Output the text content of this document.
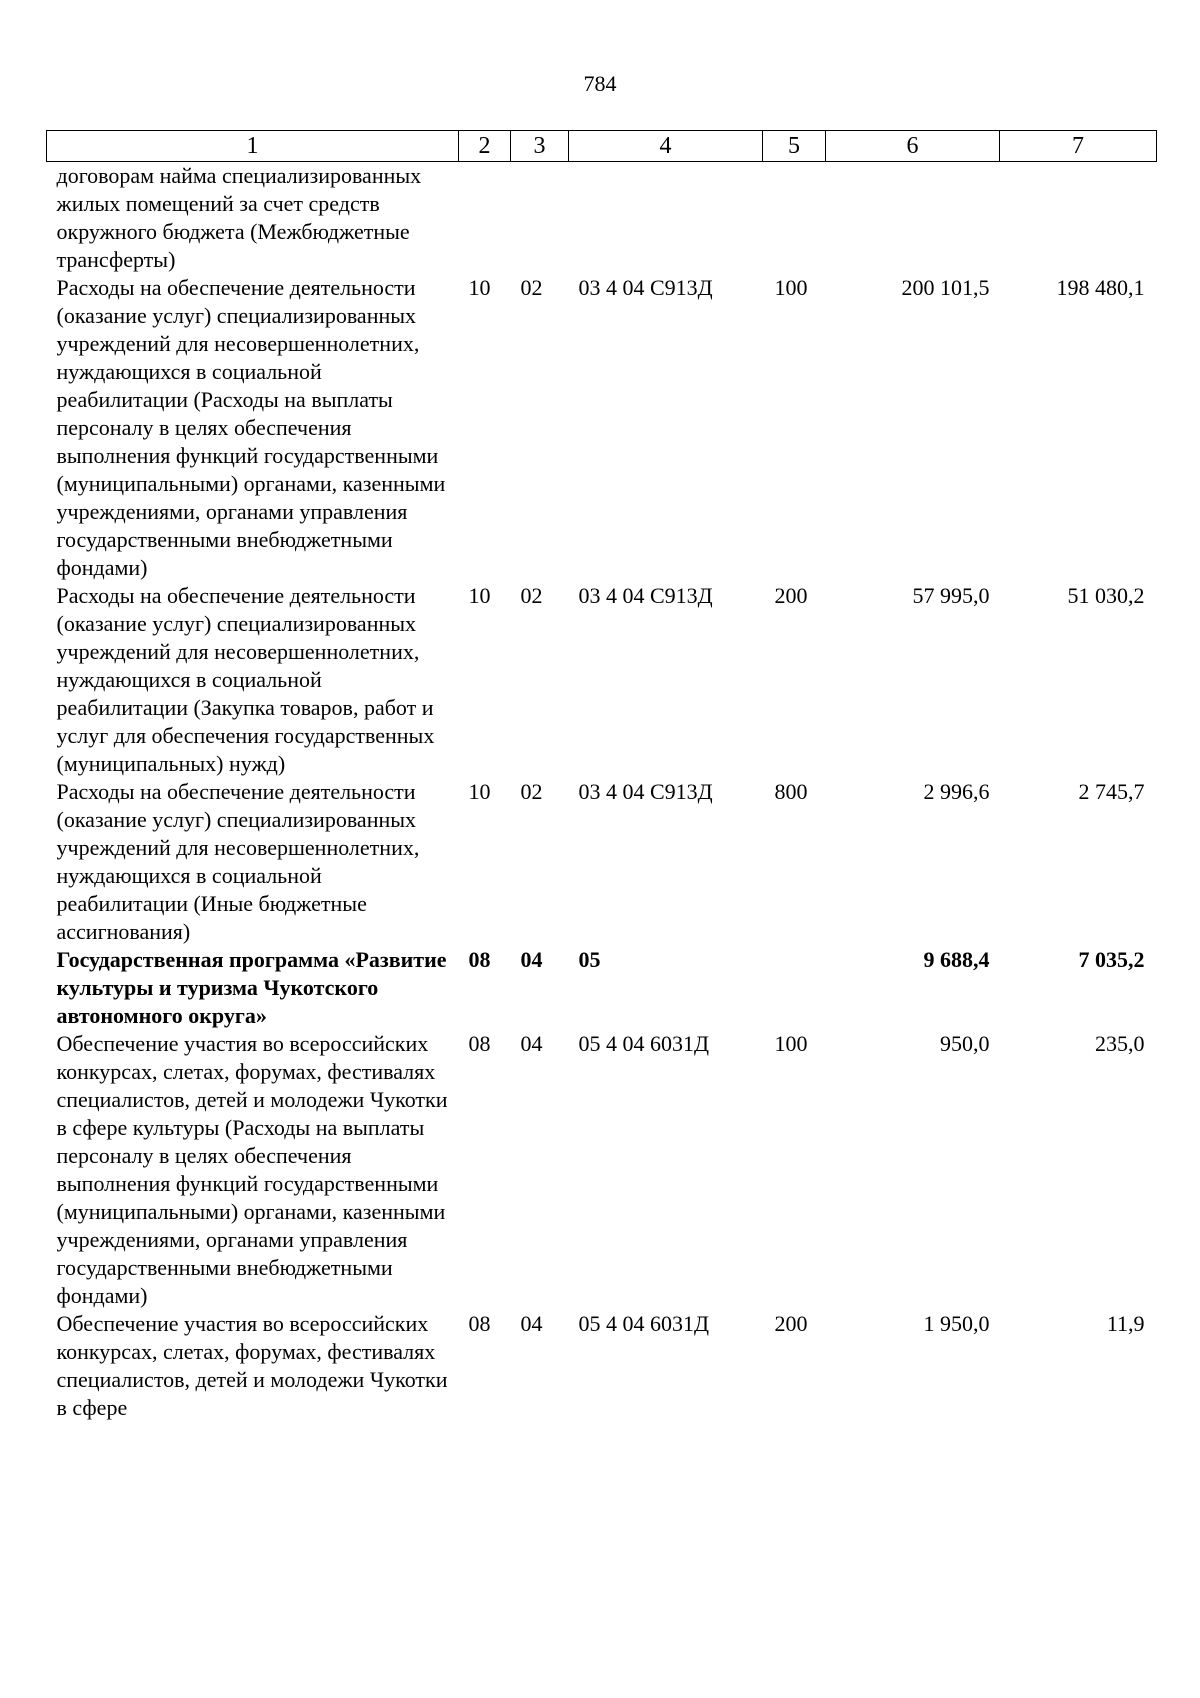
784
1	2	3	4	5	6	7
договорам найма специализированных жилых помещений за счет средств окружного бюджета (Межбюджетные трансферты)						
Расходы на обеспечение деятельности (оказание услуг) специализированных учреждений для несовершеннолетних, нуждающихся в социальной реабилитации (Расходы на выплаты персоналу в целях обеспечения выполнения функций государственными (муниципальными) органами, казенными учреждениями, органами управления государственными внебюджетными фондами)	10	02	03 4 04 С913Д	100	200 101,5	198 480,1
Расходы на обеспечение деятельности (оказание услуг) специализированных учреждений для несовершеннолетних, нуждающихся в социальной реабилитации (Закупка товаров, работ и услуг для обеспечения государственных (муниципальных) нужд)	10	02	03 4 04 С913Д	200	57 995,0	51 030,2
Расходы на обеспечение деятельности (оказание услуг) специализированных учреждений для несовершеннолетних, нуждающихся в социальной реабилитации (Иные бюджетные ассигнования)	10	02	03 4 04 С913Д	800	2 996,6	2 745,7
Государственная программа «Развитие культуры и туризма Чукотского автономного округа»	08	04	05		9 688,4	7 035,2
Обеспечение участия во всероссийских конкурсах, слетах, форумах, фестивалях специалистов, детей и молодежи Чукотки в сфере культуры (Расходы на выплаты персоналу в целях обеспечения выполнения функций государственными (муниципальными) органами, казенными учреждениями, органами управления государственными внебюджетными фондами)	08	04	05 4 04 6031Д	100	950,0	235,0
Обеспечение участия во всероссийских конкурсах, слетах, форумах, фестивалях специалистов, детей и молодежи Чукотки в сфере	08	04	05 4 04 6031Д	200	1 950,0	11,9
